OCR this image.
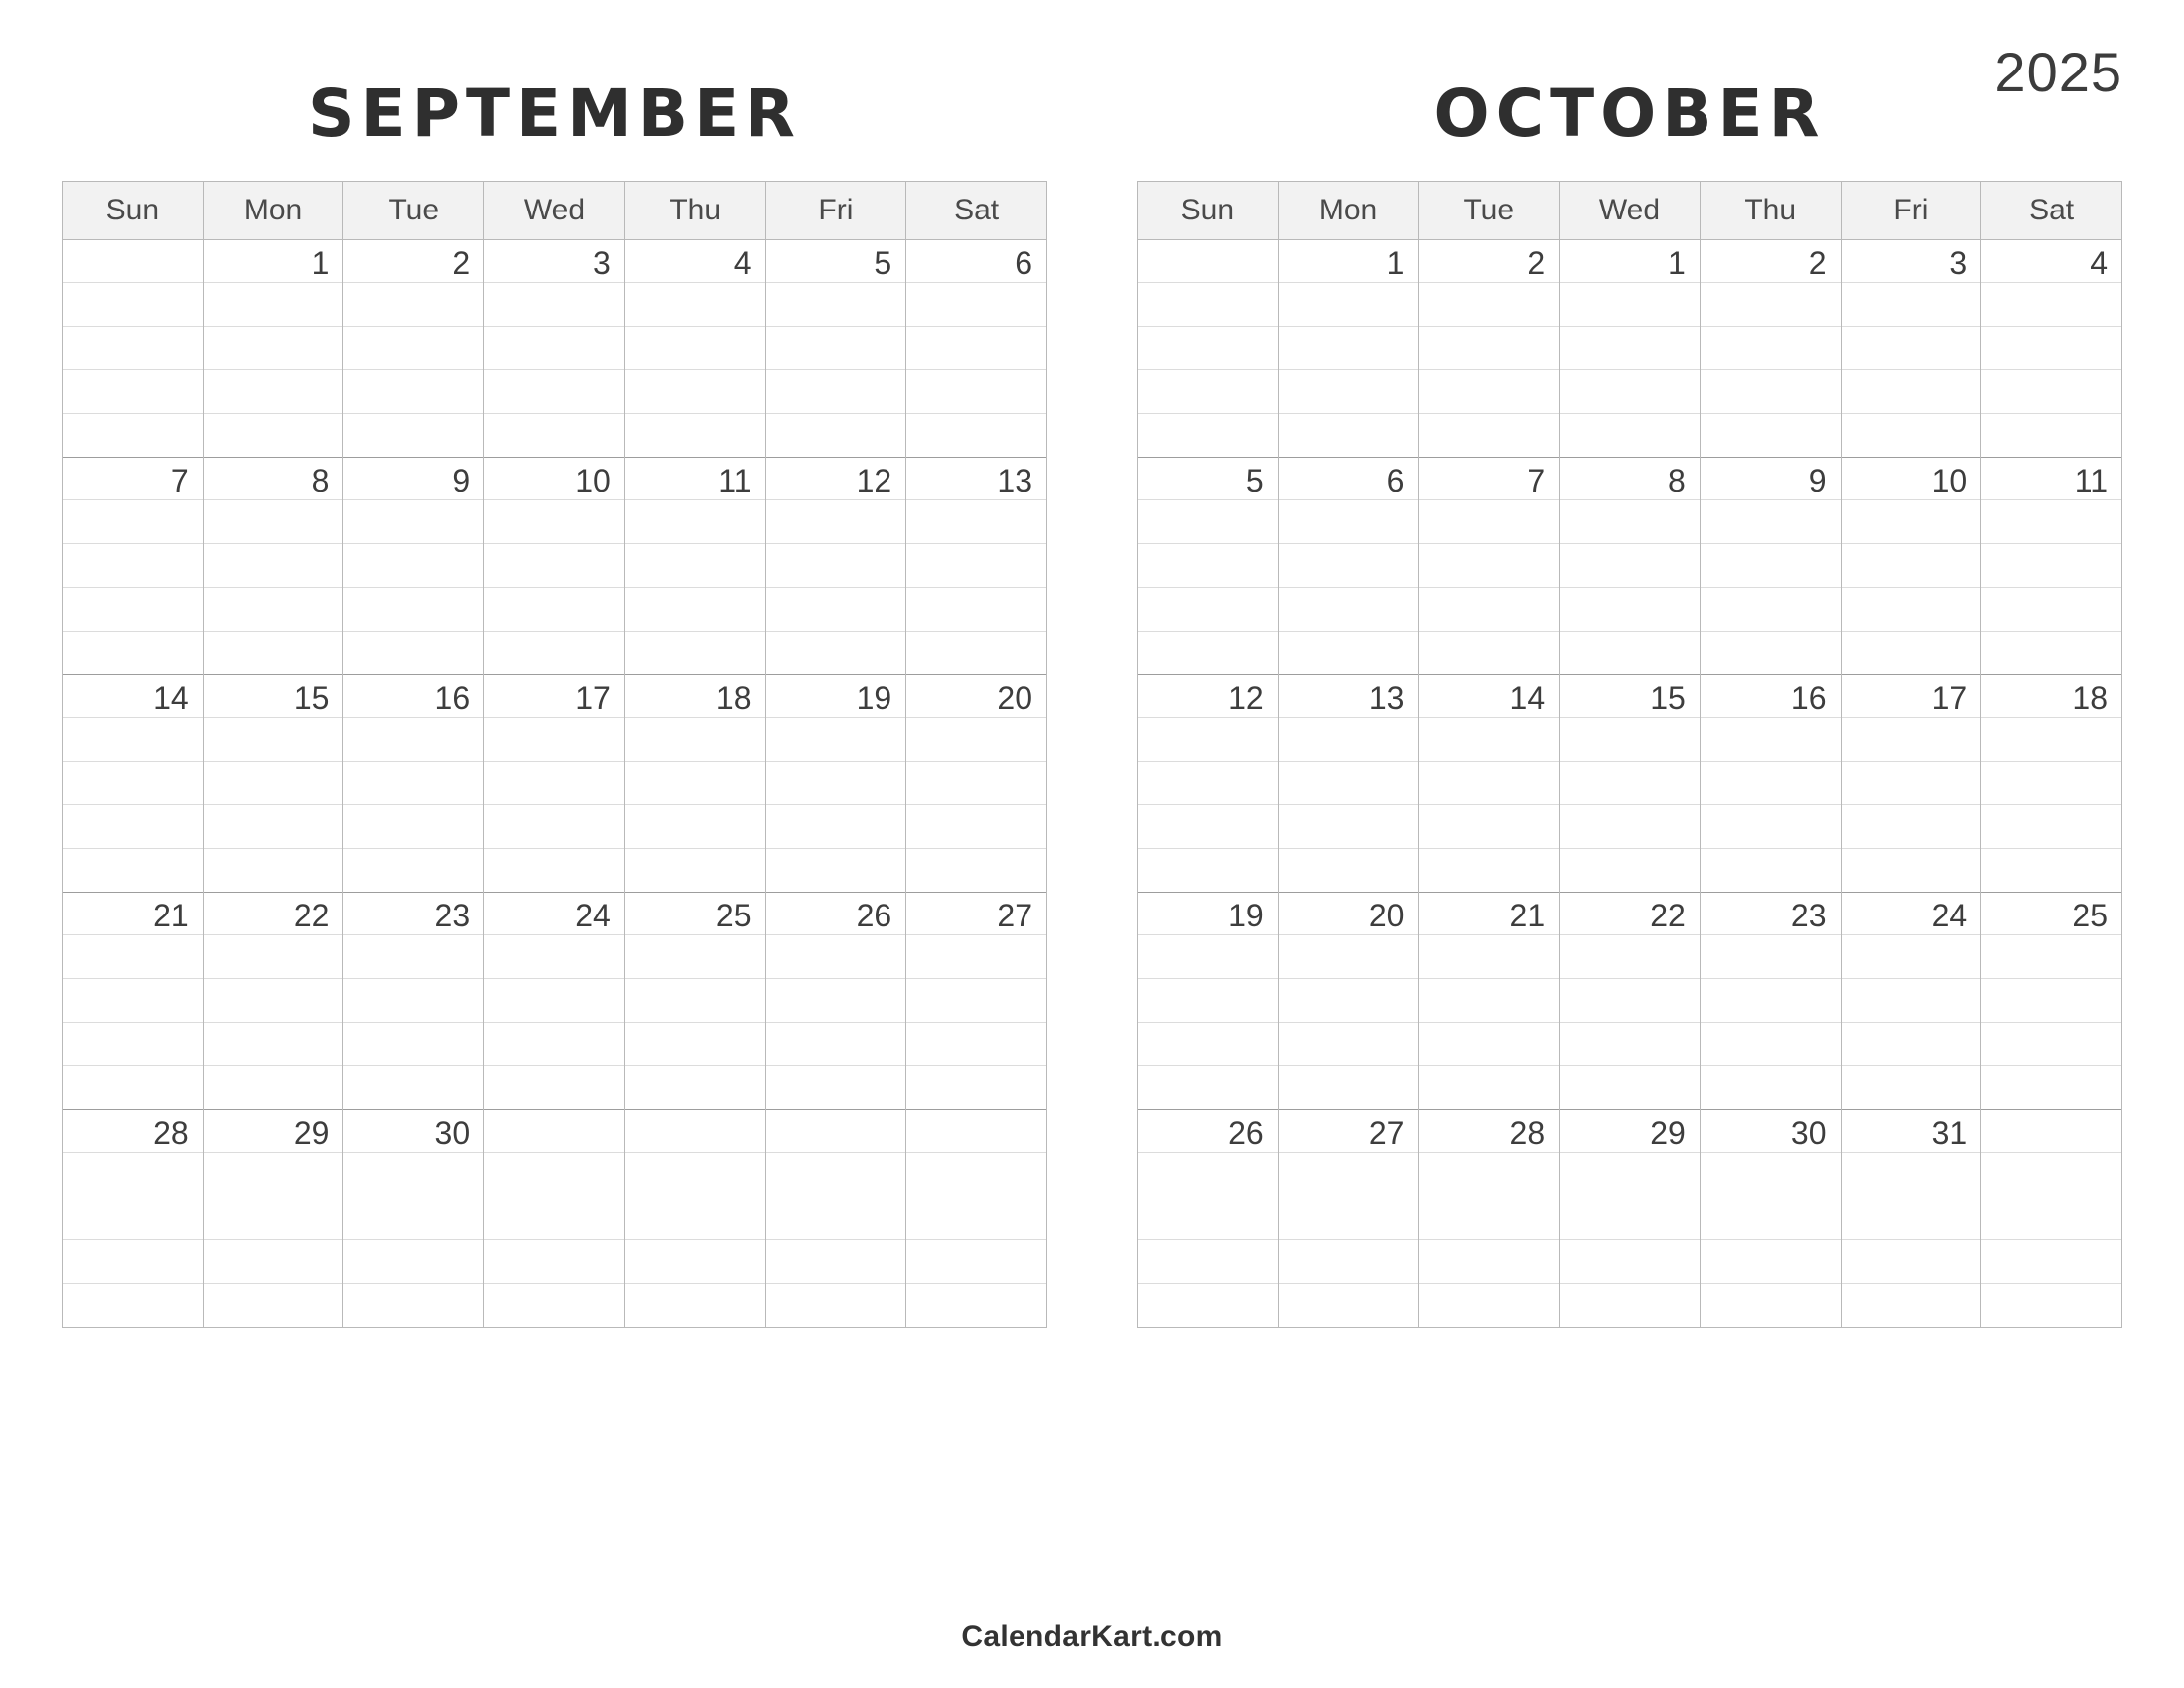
2025
SEPTEMBER
Sun	Mon	Tue	Wed	Thu	Fri	Sat

	1	2	3	4	5	6

7	8	9	10	11	12	13

14	15	16	17	18	19	20

21	22	23	24	25	26	27

28	29	30				

OCTOBER
Sun	Mon	Tue	Wed	Thu	Fri	Sat

	1	2	1	2	3	4

5	6	7	8	9	10	11

12	13	14	15	16	17	18

19	20	21	22	23	24	25

26	27	28	29	30	31	

CalendarKart.com
